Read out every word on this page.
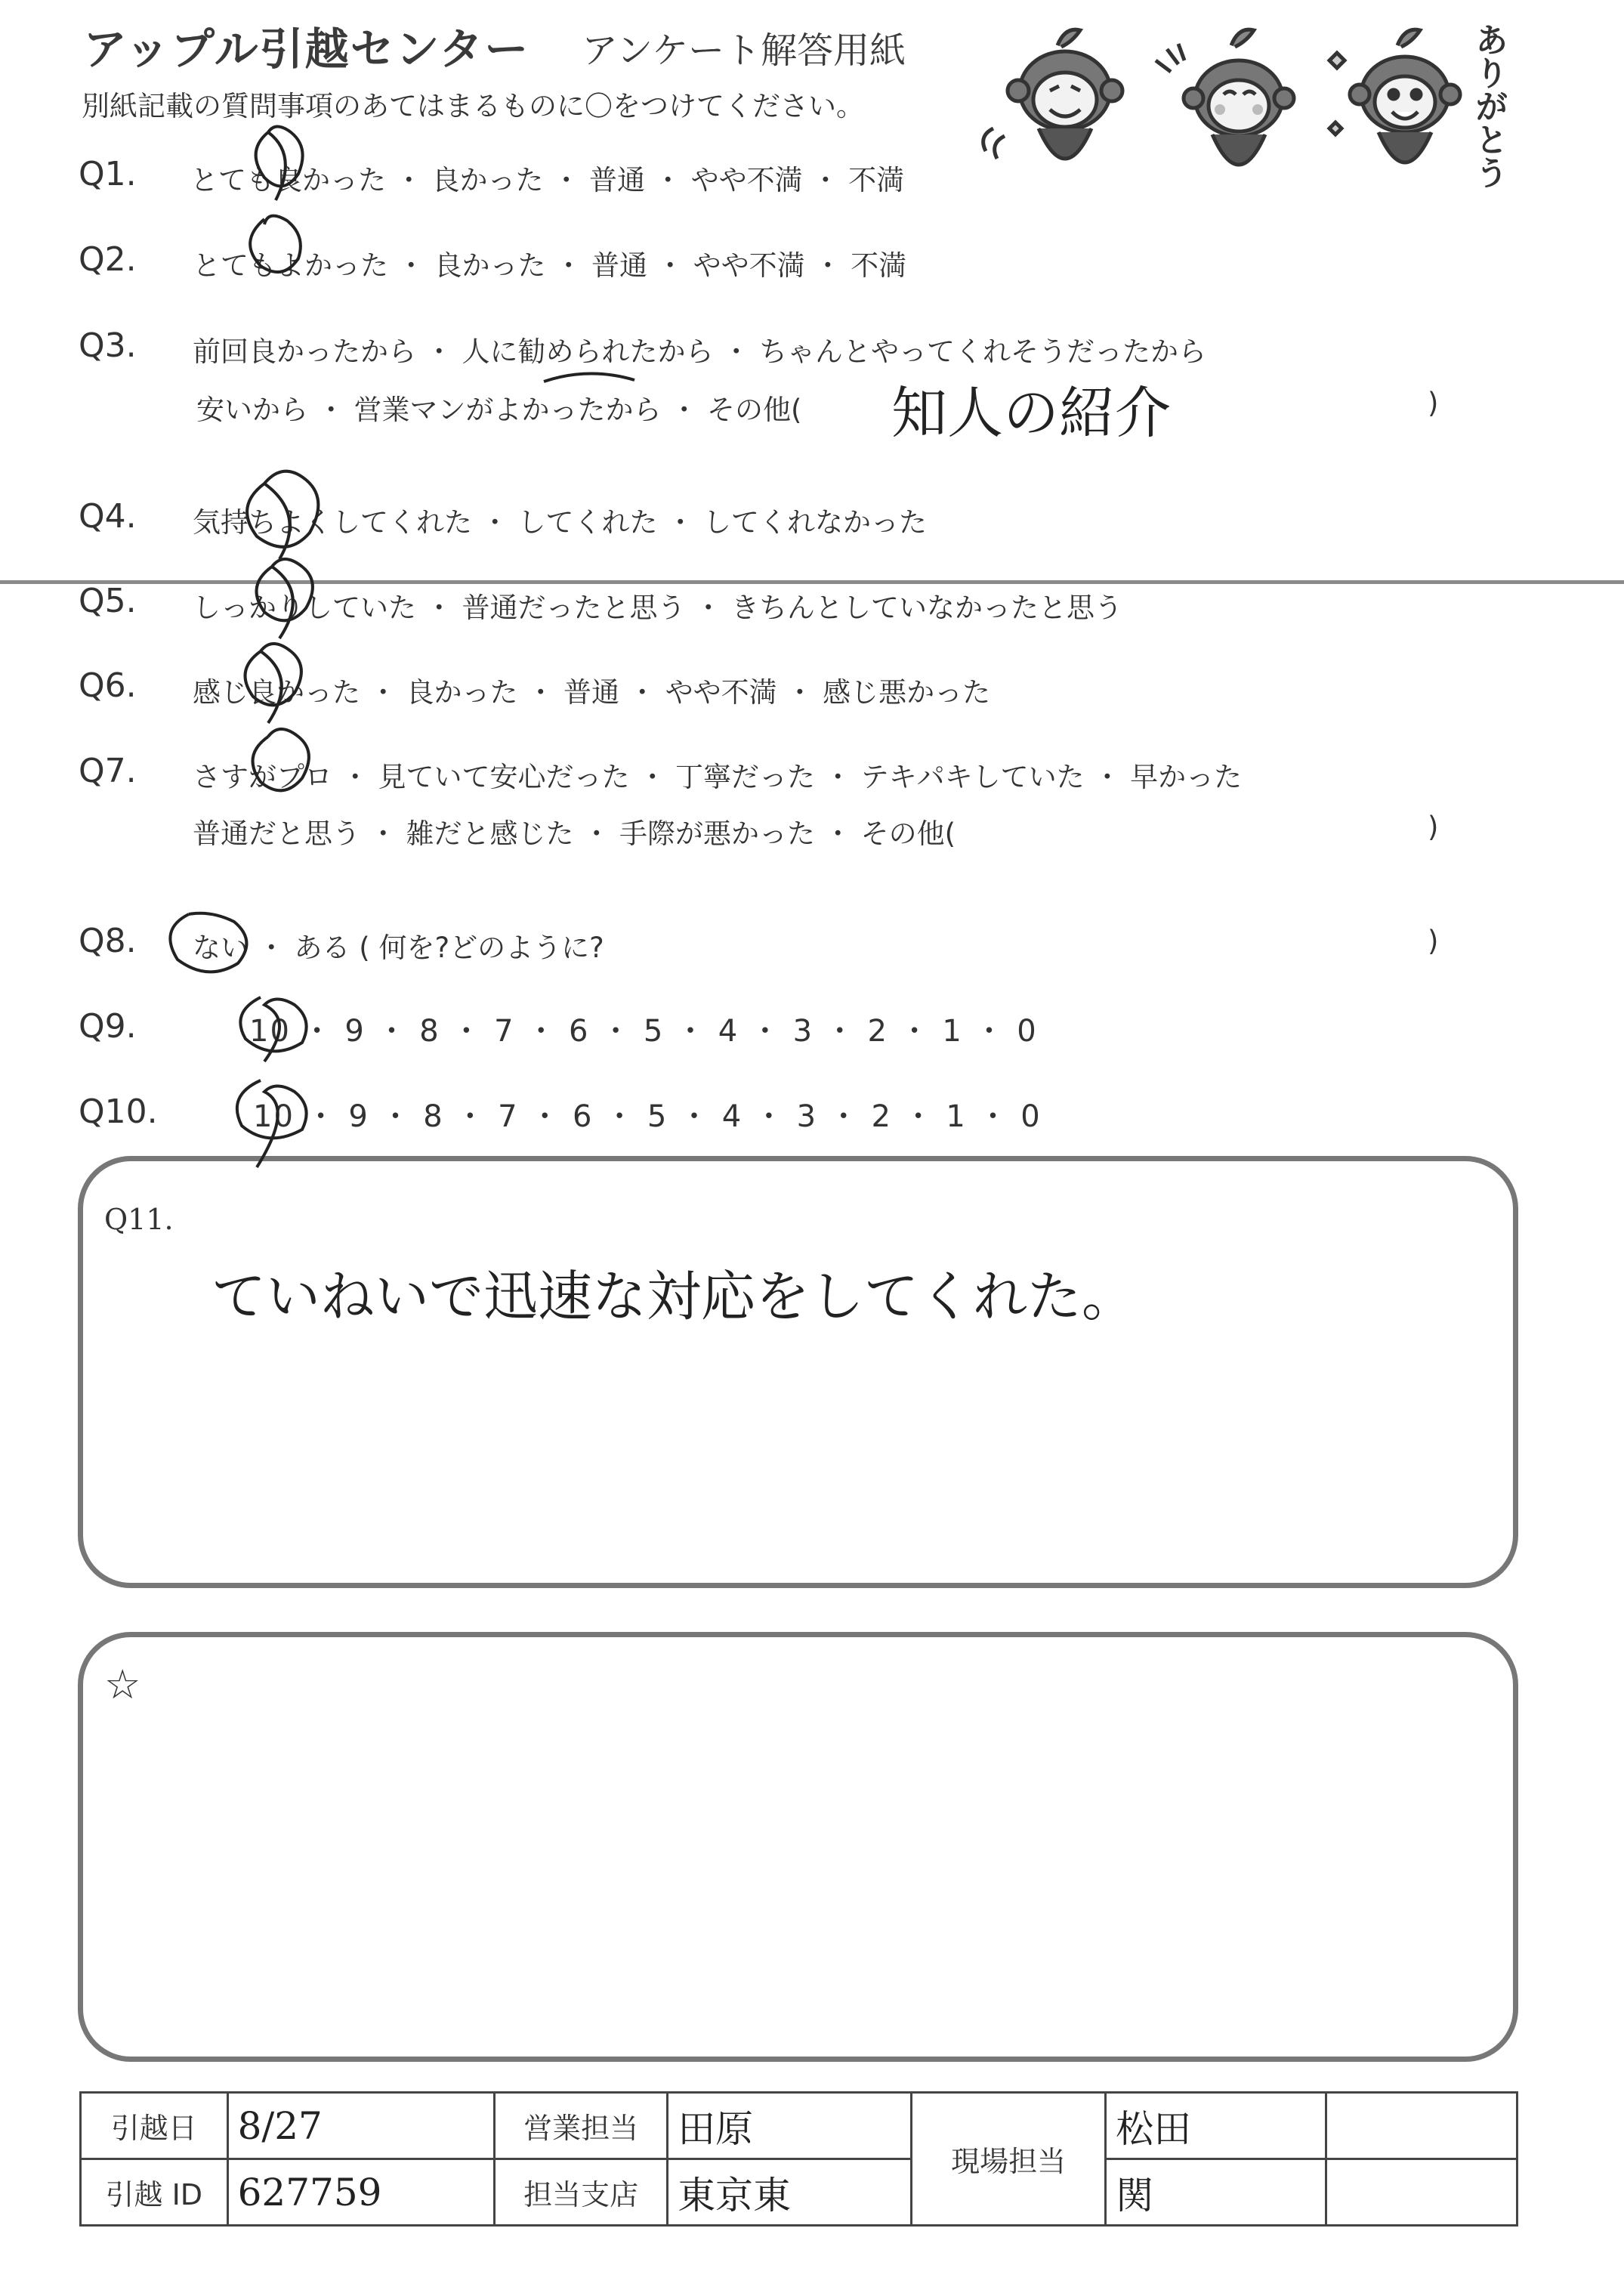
アップル引越センター アンケート解答用紙
別紙記載の質問事項のあてはまるものに〇をつけてください。	ありがとう
Q1. とても良かった ・ 良かった ・ 普通 ・ やや不満 ・ 不満
Q2. とてもよかった ・ 良かった ・ 普通 ・ やや不満 ・ 不満
Q3. 前回良かったから ・ 人に勧められたから ・ ちゃんとやってくれそうだったから
安いから ・ 営業マンがよかったから ・ その他( 知人の紹介	)
Q4. 気持ちよくしてくれた ・ してくれた ・ してくれなかった
Q5. しっかりしていた ・ 普通だったと思う ・ きちんとしていなかったと思う
Q6. 感じ良かった ・ 良かった ・ 普通 ・ やや不満 ・ 感じ悪かった
Q7. さすがプロ ・ 見ていて安心だった ・ 丁寧だった ・ テキパキしていた ・ 早かった
普通だと思う ・ 雑だと感じた ・ 手際が悪かった ・ その他(	)
Q8. ない ・ ある ( 何を?どのように?	)
Q9.	10 ・ 9 ・ 8 ・ 7 ・ 6 ・ 5 ・ 4 ・ 3 ・ 2 ・ 1 ・ 0
Q10.	10 ・ 9 ・ 8 ・ 7 ・ 6 ・ 5 ・ 4 ・ 3 ・ 2 ・ 1 ・ 0
Q11.
ていねいで迅速な対応をしてくれた。
☆
引越日	8/27	営業担当	田原	現場担当	松田	
引越 ID	627759	担当支店	東京東		関	
